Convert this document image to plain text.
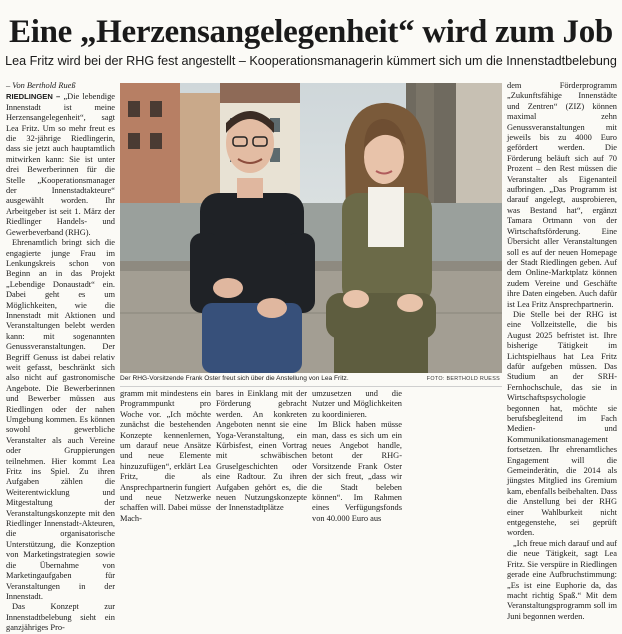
Eine „Herzensangelegenheit“ wird zum Job
Lea Fritz wird bei der RHG fest angestellt – Kooperationsmanagerin kümmert sich um die Innenstadtbelebung
– Von Berthold Rueß

RIEDLINGEN – „Die lebendige Innenstadt ist meine Herzensangelegenheit“, sagt Lea Fritz. Um so mehr freut es die 32-jährige Riedlingerin, dass sie jetzt auch hauptamtlich mitwirken kann: Sie ist unter drei Bewerberinnen für die Stelle „Kooperationsmanager der Innenstadtakteure“ ausgewählt worden. Ihr Arbeitgeber ist seit 1. März der Riedlinger Handels- und Gewerbeverband (RHG).

Ehrenamtlich bringt sich die engagierte junge Frau im Lenkungskreis schon von Beginn an in das Projekt „Lebendige Donaustadt“ ein. Dabei geht es um Möglichkeiten, wie die Innenstadt mit Aktionen und Veranstaltungen belebt werden kann: mit sogenannten Genussveranstaltungen. Der Begriff Genuss ist dabei relativ weit gefasst, beschränkt sich also nicht auf gastronomische Angebote. Die Bewerberinnen und Bewerber müssen aus Riedlingen oder der nahen Umgebung kommen. Es können sowohl gewerbliche Veranstalter als auch Vereine oder Gruppierungen teilnehmen. Hier kommt Lea Fritz ins Spiel. Zu ihren Aufgaben zählen die Weiterentwicklung und Mitgestaltung der Veranstaltungskonzepte mit den Riedlinger Innenstadt-Akteuren, die organisatorische Unterstützung, die Konzeption von Marketingstrategien sowie die Übernahme von Marketingaufgaben für Veranstaltungen in der Innenstadt.

Das Konzept zur Innenstadtbelebung sieht ein ganzjähriges Pro-

Der RHG-Vorsitzende Frank Oster freut sich über die Anstellung von Lea Fritz.	FOTO: BERTHOLD RUESS

gramm mit mindestens ein Programmpunkt pro Woche vor. „Ich möchte zunächst die bestehenden Konzepte kennenlernen, um darauf neue Ansätze und neue Elemente hinzuzufügen“, erklärt Lea Fritz, die als Ansprechpartnerin fungiert und neue Netzwerke schaffen will. Dabei müsse Mach-

bares in Einklang mit der Förderung gebracht werden. An konkreten Angeboten nennt sie eine Yoga-Veranstaltung, ein Kürbisfest, einen Vortrag mit schwäbischen Gruselgeschichten oder eine Radtour. Zu ihren Aufgaben gehört es, die neuen Nutzungskonzepte der Innenstadtplätze

umzusetzen und die Nutzer und Möglichkeiten zu koordinieren.

Im Blick haben müsse man, dass es sich um ein neues Angebot handle, betont der RHG-Vorsitzende Frank Oster der sich freut, „dass wir die Stadt beleben können“. Im Rahmen eines Verfügungsfonds von 40.000 Euro aus

dem Förderprogramm „Zukunftsfähige Innenstädte und Zentren“ (ZIZ) können maximal zehn Genussveranstaltungen mit jeweils bis zu 4000 Euro gefördert werden. Die Förderung beläuft sich auf 70 Prozent – den Rest müssen die Veranstalter als Eigenanteil aufbringen. „Das Programm ist darauf angelegt, ausprobieren, was Bestand hat“, ergänzt Tamara Ortmann von der Wirtschaftsförderung. Eine Übersicht aller Veranstaltungen soll es auf der neuen Homepage der Stadt Riedlingen geben. Auf dem Online-Marktplatz können zudem Vereine und Geschäfte ihre Daten eingeben. Auch dafür ist Lea Fritz Ansprechpartnerin.

Die Stelle bei der RHG ist eine Vollzeitstelle, die bis August 2025 befristet ist. Ihre bisherige Tätigkeit im Lichtspielhaus hat Lea Fritz dafür aufgeben müssen. Das Studium an der SRH-Fernhochschule, das sie in Wirtschaftspsychologie begonnen hat, möchte sie berufsbegleitend im Fach Medien- und Kommunikationsmanagement fortsetzen. Ihr ehrenamtliches Engagement will die Gemeinderätin, die 2014 als jüngstes Mitglied ins Gremium kam, ebenfalls beibehalten. Dass die Anstellung bei der RHG einer Wahlburkeit nicht entgegenstehe, sei geprüft worden.

„Ich freue mich darauf und auf die neue Tätigkeit, sagt Lea Fritz. Sie verspüre in Riedlingen gerade eine Aufbruchstimmung: „Es ist eine Euphorie da, das macht richtig Spaß.“ Mit dem Veranstaltungsprogramm soll im Juni begonnen werden.
